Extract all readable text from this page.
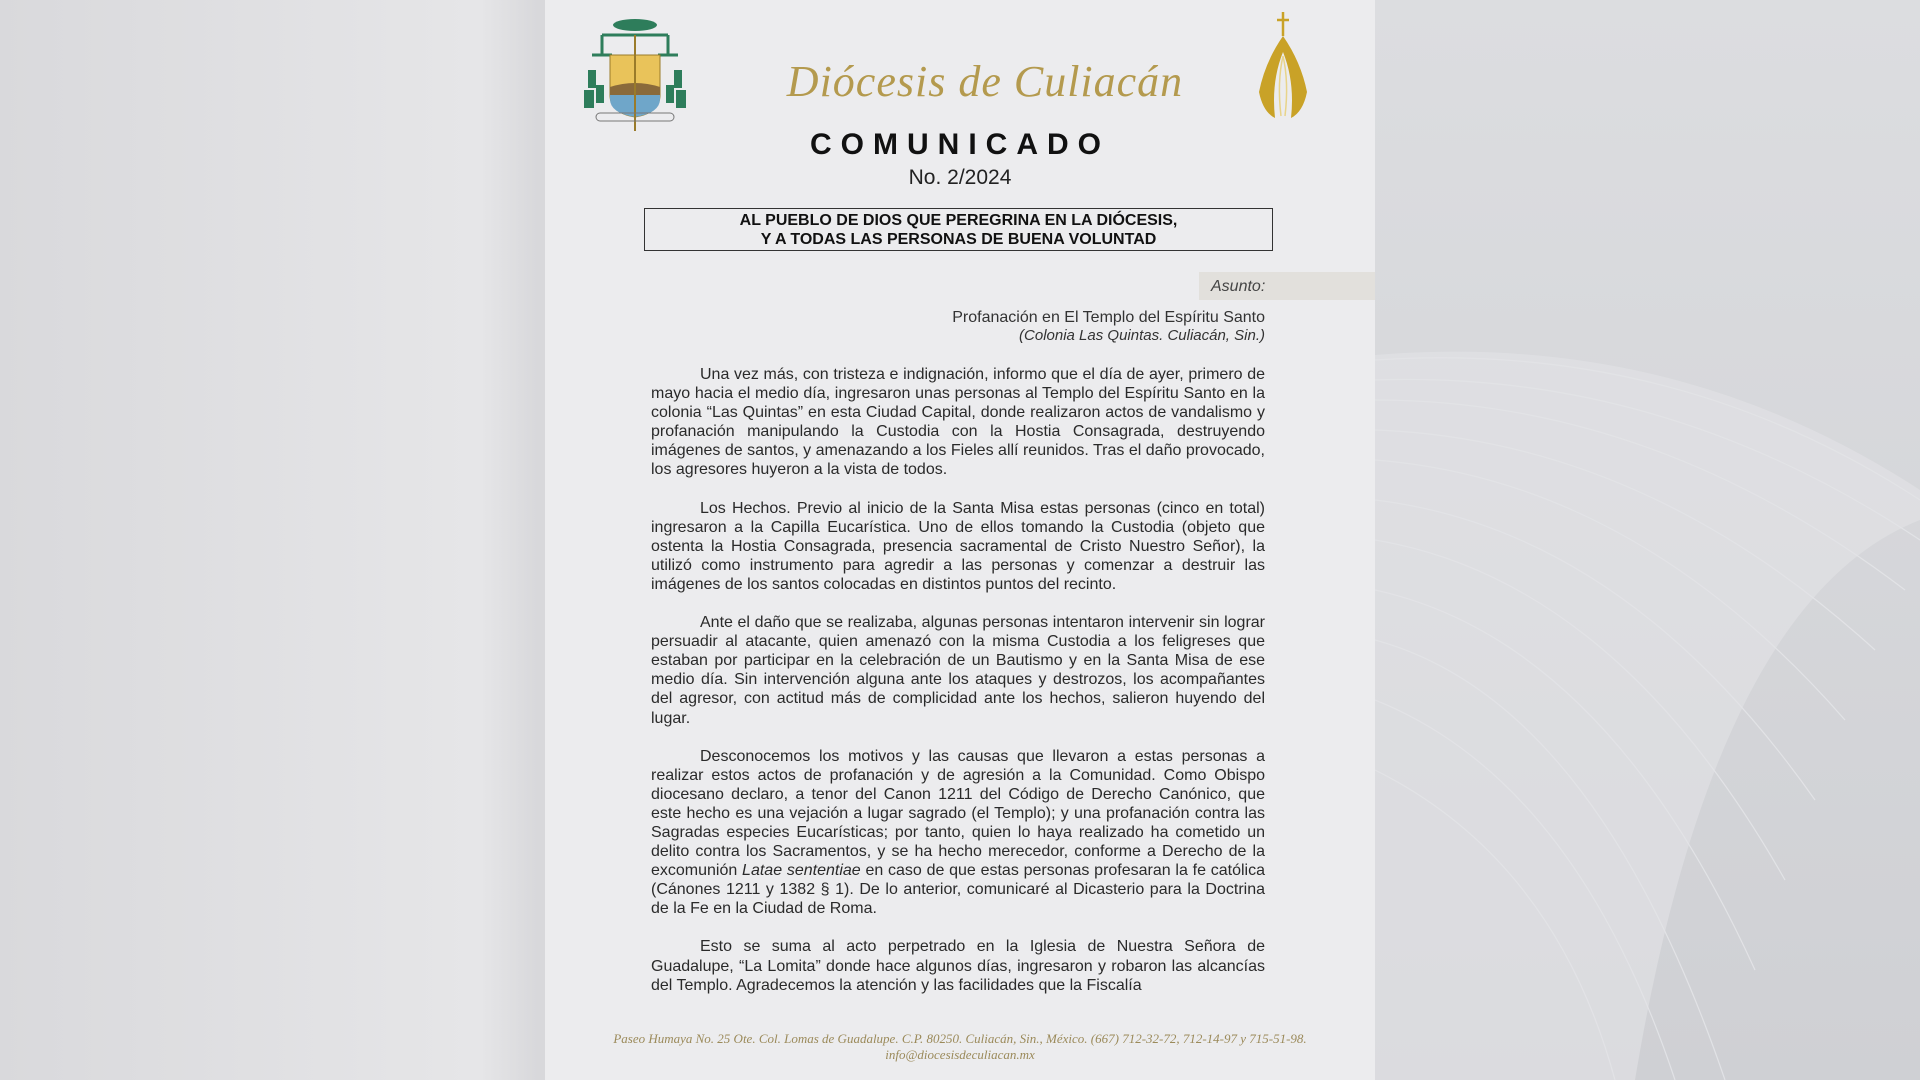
Diócesis de Culiacán
COMUNICADO
No. 2/2024
AL PUEBLO DE DIOS QUE PEREGRINA EN LA DIÓCESIS,
Y A TODAS LAS PERSONAS DE BUENA VOLUNTAD
Asunto:
Profanación en El Templo del Espíritu Santo
(Colonia Las Quintas. Culiacán, Sin.)

Una vez más, con tristeza e indignación, informo que el día de ayer, primero de mayo hacia el medio día, ingresaron unas personas al Templo del Espíritu Santo en la colonia “Las Quintas” en esta Ciudad Capital, donde realizaron actos de vandalismo y profanación manipulando la Custodia con la Hostia Consagrada, destruyendo imágenes de santos, y amenazando a los Fieles allí reunidos. Tras el daño provocado, los agresores huyeron a la vista de todos.

Los Hechos. Previo al inicio de la Santa Misa estas personas (cinco en total) ingresaron a la Capilla Eucarística. Uno de ellos tomando la Custodia (objeto que ostenta la Hostia Consagrada, presencia sacramental de Cristo Nuestro Señor), la utilizó como instrumento para agredir a las personas y comenzar a destruir las imágenes de los santos colocadas en distintos puntos del recinto.

Ante el daño que se realizaba, algunas personas intentaron intervenir sin lograr persuadir al atacante, quien amenazó con la misma Custodia a los feligreses que estaban por participar en la celebración de un Bautismo y en la Santa Misa de ese medio día. Sin intervención alguna ante los ataques y destrozos, los acompañantes del agresor, con actitud más de complicidad ante los hechos, salieron huyendo del lugar.

Desconocemos los motivos y las causas que llevaron a estas personas a realizar estos actos de profanación y de agresión a la Comunidad. Como Obispo diocesano declaro, a tenor del Canon 1211 del Código de Derecho Canónico, que este hecho es una vejación a lugar sagrado (el Templo); y una profanación contra las Sagradas especies Eucarísticas; por tanto, quien lo haya realizado ha cometido un delito contra los Sacramentos, y se ha hecho merecedor, conforme a Derecho de la excomunión Latae sententiae en caso de que estas personas profesaran la fe católica (Cánones 1211 y 1382 § 1). De lo anterior, comunicaré al Dicasterio para la Doctrina de la Fe en la Ciudad de Roma.

Esto se suma al acto perpetrado en la Iglesia de Nuestra Señora de Guadalupe, “La Lomita” donde hace algunos días, ingresaron y robaron las alcancías del Templo. Agradecemos la atención y las facilidades que la Fiscalía

Paseo Humaya No. 25 Ote. Col. Lomas de Guadalupe. C.P. 80250. Culiacán, Sin., México. (667) 712-32-72, 712-14-97 y 715-51-98. info@diocesisdeculiacan.mx
